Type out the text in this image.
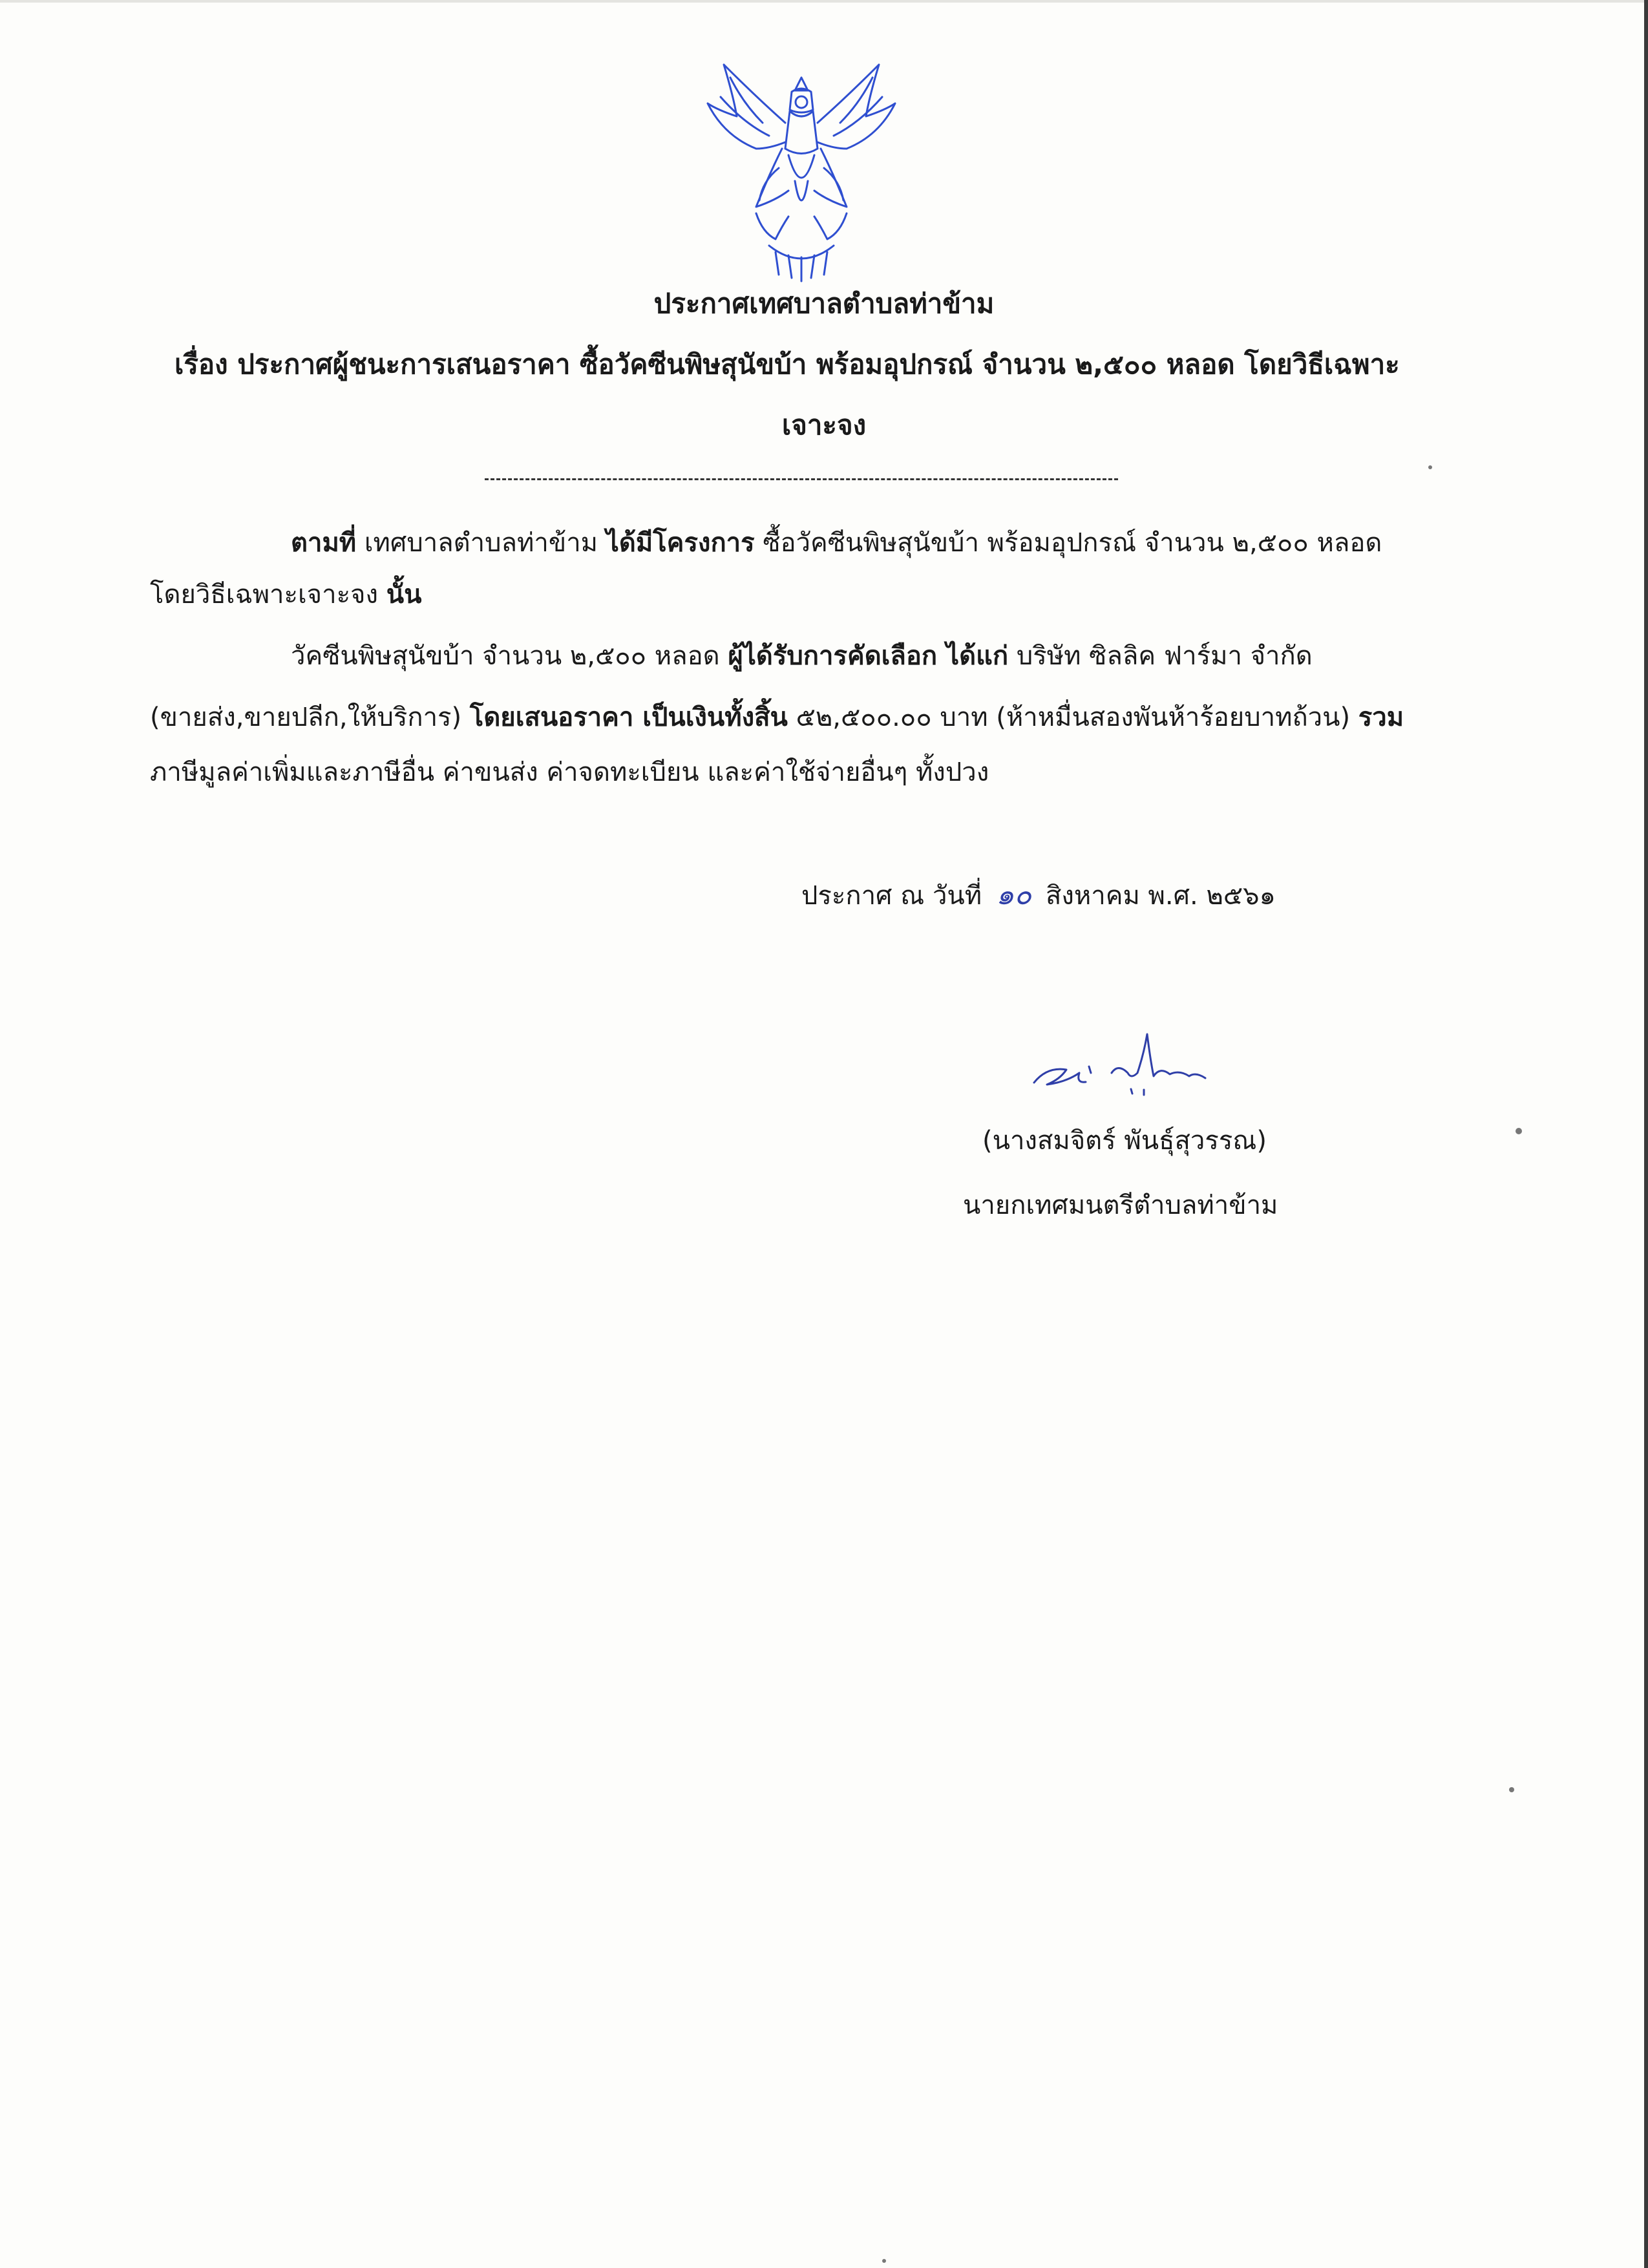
ประกาศเทศบาลตำบลท่าข้าม
เรื่อง ประกาศผู้ชนะการเสนอราคา ซื้อวัคซีนพิษสุนัขบ้า พร้อมอุปกรณ์ จำนวน ๒,๕๐๐ หลอด โดยวิธีเฉพาะ
เจาะจง
ตามที่ เทศบาลตำบลท่าข้าม ได้มีโครงการ ซื้อวัคซีนพิษสุนัขบ้า พร้อมอุปกรณ์ จำนวน ๒,๕๐๐ หลอด
โดยวิธีเฉพาะเจาะจง นั้น
วัคซีนพิษสุนัขบ้า จำนวน ๒,๕๐๐ หลอด ผู้ได้รับการคัดเลือก ได้แก่ บริษัท ซิลลิค ฟาร์มา จำกัด
(ขายส่ง,ขายปลีก,ให้บริการ) โดยเสนอราคา เป็นเงินทั้งสิ้น ๕๒,๕๐๐.๐๐ บาท (ห้าหมื่นสองพันห้าร้อยบาทถ้วน) รวม
ภาษีมูลค่าเพิ่มและภาษีอื่น ค่าขนส่ง ค่าจดทะเบียน และค่าใช้จ่ายอื่นๆ ทั้งปวง
ประกาศ ณ วันที่ ๑๐ สิงหาคม พ.ศ. ๒๕๖๑
(นางสมจิตร์ พันธุ์สุวรรณ)
นายกเทศมนตรีตำบลท่าข้าม
